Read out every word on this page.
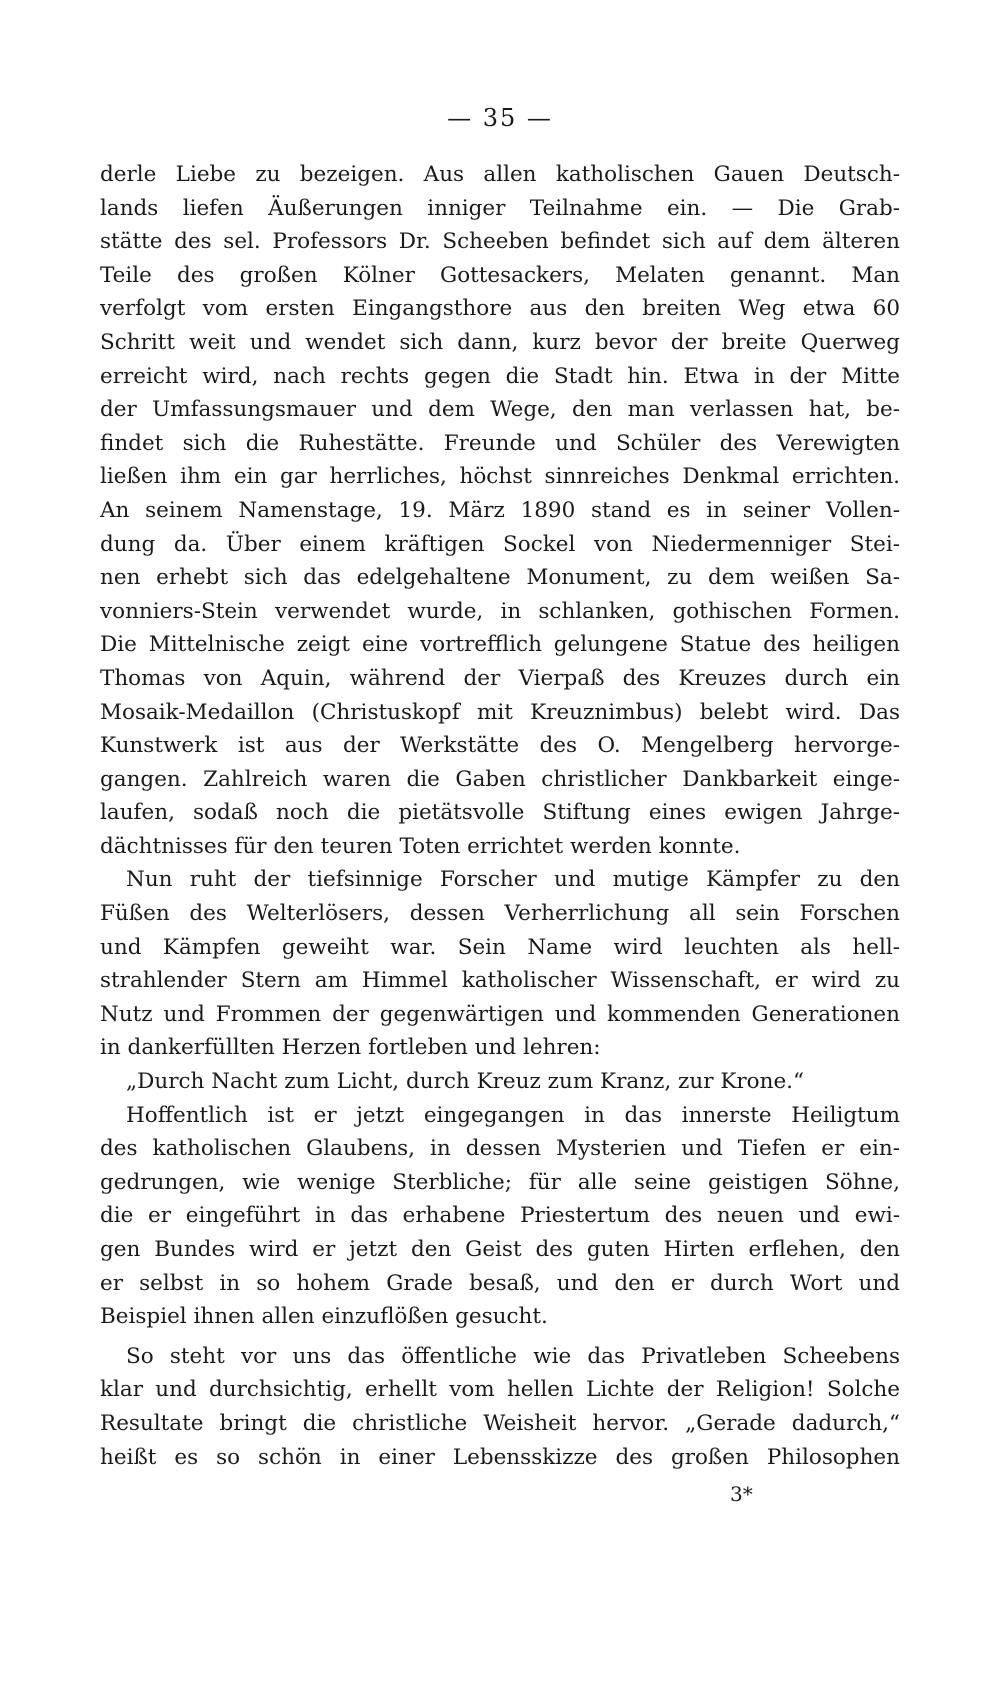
— 35 —
derle Liebe zu bezeigen. Aus allen katholischen Gauen Deutsch-
lands liefen Äußerungen inniger Teilnahme ein. — Die Grab-
stätte des sel. Professors Dr. Scheeben befindet sich auf dem älteren
Teile des großen Kölner Gottesackers, Melaten genannt. Man
verfolgt vom ersten Eingangsthore aus den breiten Weg etwa 60
Schritt weit und wendet sich dann, kurz bevor der breite Querweg
erreicht wird, nach rechts gegen die Stadt hin. Etwa in der Mitte
der Umfassungsmauer und dem Wege, den man verlassen hat, be-
findet sich die Ruhestätte. Freunde und Schüler des Verewigten
ließen ihm ein gar herrliches, höchst sinnreiches Denkmal errichten.
An seinem Namenstage, 19. März 1890 stand es in seiner Vollen-
dung da. Über einem kräftigen Sockel von Niedermenniger Stei-
nen erhebt sich das edelgehaltene Monument, zu dem weißen Sa-
vonniers-Stein verwendet wurde, in schlanken, gothischen Formen.
Die Mittelnische zeigt eine vortrefflich gelungene Statue des heiligen
Thomas von Aquin, während der Vierpaß des Kreuzes durch ein
Mosaik-Medaillon (Christuskopf mit Kreuznimbus) belebt wird. Das
Kunstwerk ist aus der Werkstätte des O. Mengelberg hervorge-
gangen. Zahlreich waren die Gaben christlicher Dankbarkeit einge-
laufen, sodaß noch die pietätsvolle Stiftung eines ewigen Jahrge-
dächtnisses für den teuren Toten errichtet werden konnte.
Nun ruht der tiefsinnige Forscher und mutige Kämpfer zu den
Füßen des Welterlösers, dessen Verherrlichung all sein Forschen
und Kämpfen geweiht war. Sein Name wird leuchten als hell-
strahlender Stern am Himmel katholischer Wissenschaft, er wird zu
Nutz und Frommen der gegenwärtigen und kommenden Generationen
in dankerfüllten Herzen fortleben und lehren:
„Durch Nacht zum Licht, durch Kreuz zum Kranz, zur Krone.“
Hoffentlich ist er jetzt eingegangen in das innerste Heiligtum
des katholischen Glaubens, in dessen Mysterien und Tiefen er ein-
gedrungen, wie wenige Sterbliche; für alle seine geistigen Söhne,
die er eingeführt in das erhabene Priestertum des neuen und ewi-
gen Bundes wird er jetzt den Geist des guten Hirten erflehen, den
er selbst in so hohem Grade besaß, und den er durch Wort und
Beispiel ihnen allen einzuflößen gesucht.
So steht vor uns das öffentliche wie das Privatleben Scheebens
klar und durchsichtig, erhellt vom hellen Lichte der Religion! Solche
Resultate bringt die christliche Weisheit hervor. „Gerade dadurch,“
heißt es so schön in einer Lebensskizze des großen Philosophen
3*
